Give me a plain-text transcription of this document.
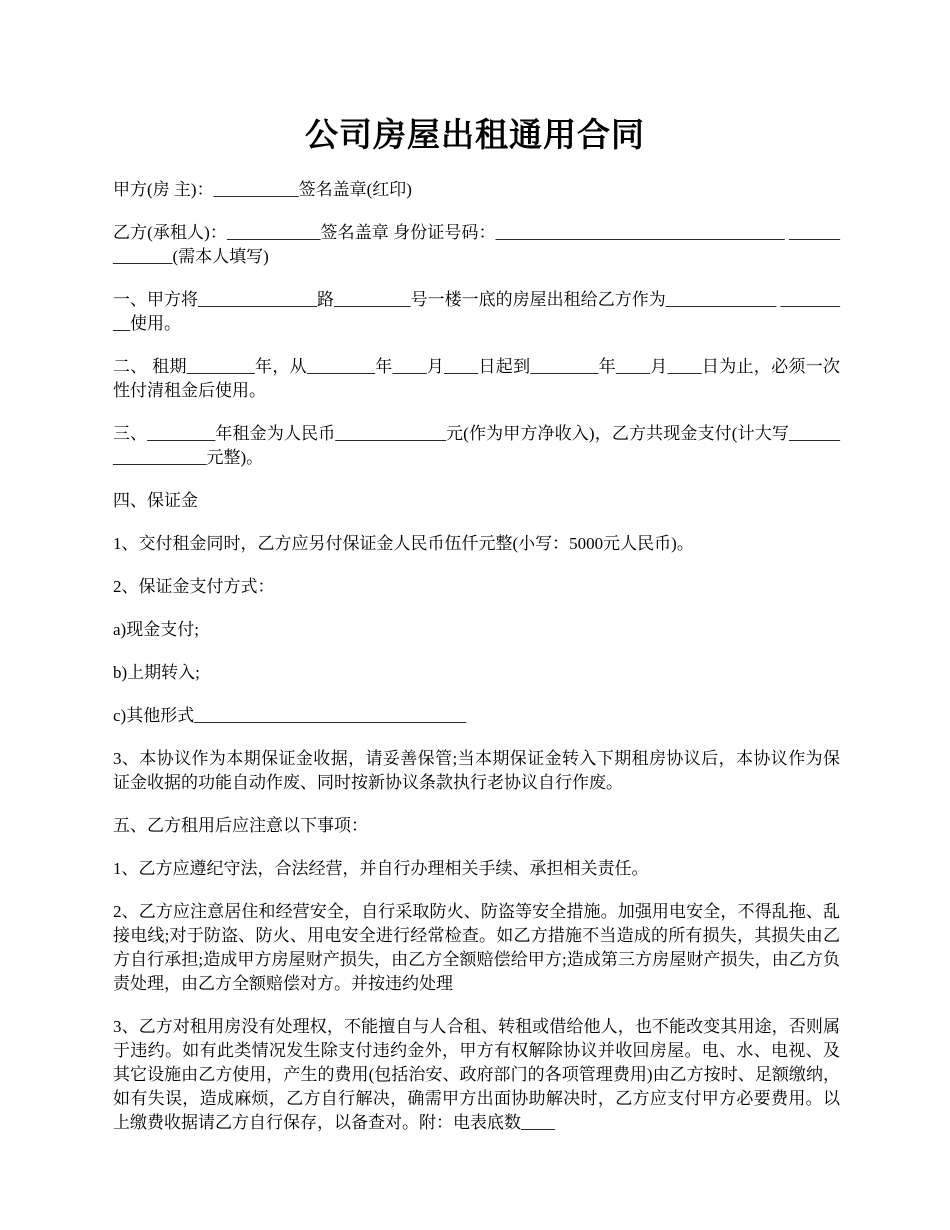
公司房屋出租通用合同

甲方(房 主)：__________签名盖章(红印)

乙方(承租人)：___________签名盖章 身份证号码：__________________________________ _____________(需本人填写)

一、甲方将______________路_________号一楼一底的房屋出租给乙方作为_____________ _________使用。

二、 租期________年，从________年____月____日起到________年____月____日为止，必须一次性付清租金后使用。

三、________年租金为人民币_____________元(作为甲方净收入)，乙方共现金支付(计大写_________________元整)。

四、保证金

1、交付租金同时，乙方应另付保证金人民币伍仟元整(小写：5000元人民币)。

2、保证金支付方式：

a)现金支付;

b)上期转入;

c)其他形式________________________________

3、本协议作为本期保证金收据，请妥善保管;当本期保证金转入下期租房协议后，本协议作为保证金收据的功能自动作废、同时按新协议条款执行老协议自行作废。

五、乙方租用后应注意以下事项：

1、乙方应遵纪守法，合法经营，并自行办理相关手续、承担相关责任。

2、乙方应注意居住和经营安全，自行采取防火、防盗等安全措施。加强用电安全，不得乱拖、乱接电线;对于防盗、防火、用电安全进行经常检查。如乙方措施不当造成的所有损失，其损失由乙方自行承担;造成甲方房屋财产损失，由乙方全额赔偿给甲方;造成第三方房屋财产损失，由乙方负责处理，由乙方全额赔偿对方。并按违约处理

3、乙方对租用房没有处理权，不能擅自与人合租、转租或借给他人，也不能改变其用途，否则属于违约。如有此类情况发生除支付违约金外，甲方有权解除协议并收回房屋。电、水、电视、及其它设施由乙方使用，产生的费用(包括治安、政府部门的各项管理费用)由乙方按时、足额缴纳，如有失误，造成麻烦，乙方自行解决，确需甲方出面协助解决时，乙方应支付甲方必要费用。以上缴费收据请乙方自行保存，以备查对。附：电表底数____
